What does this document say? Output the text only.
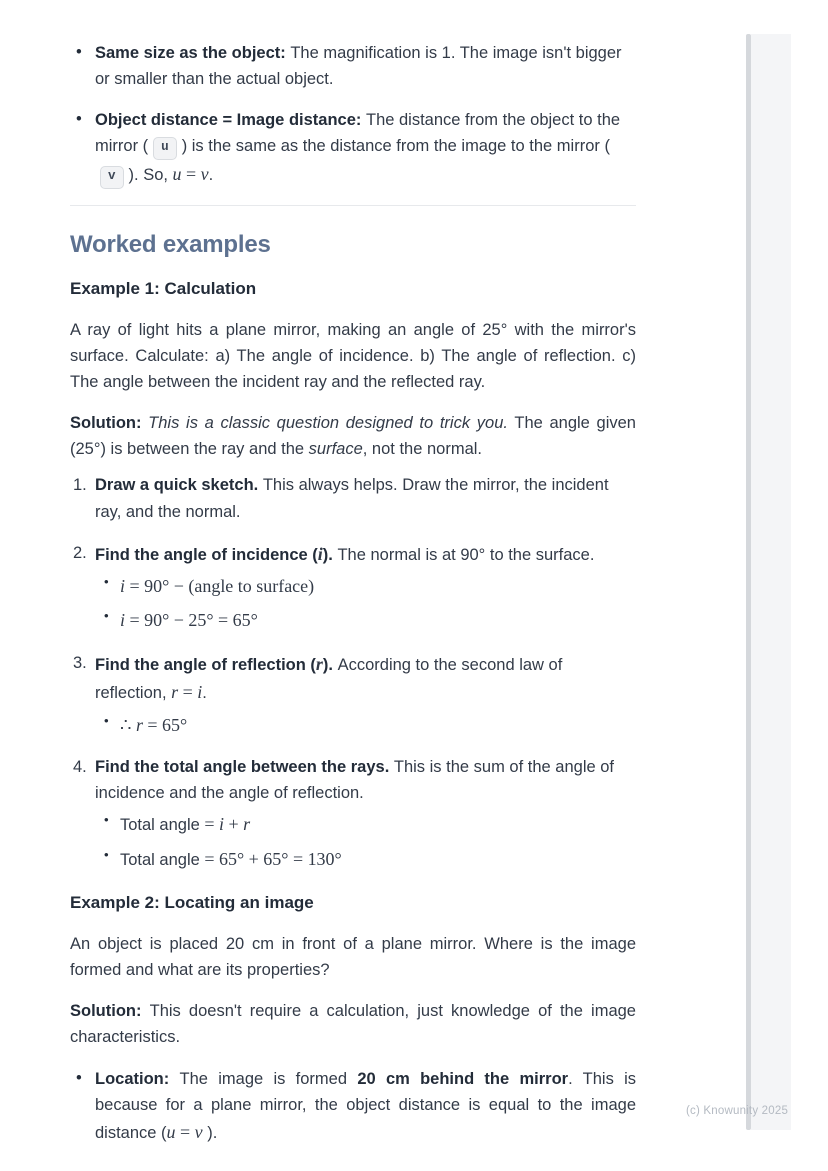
• Same size as the object: The magnification is 1. The image isn't bigger or smaller than the actual object.
• Object distance = Image distance: The distance from the object to the mirror ( u ) is the same as the distance from the image to the mirror (v ). So, u = v.
Worked examples
Example 1: Calculation

A ray of light hits a plane mirror, making an angle of 25° with the mirror's surface. Calculate: a) The angle of incidence. b) The angle of reflection. c) The angle between the incident ray and the reflected ray.

Solution: This is a classic question designed to trick you. The angle given (25°) is between the ray and the surface, not the normal.

1. Draw a quick sketch. This always helps. Draw the mirror, the incident ray, and the normal.
2. Find the angle of incidence (i). The normal is at 90° to the surface.
• i = 90° − (angle to surface)
• i = 90° − 25° = 65°
3. Find the angle of reflection (r). According to the second law of reflection, r = i.
• ∴ r = 65°
4. Find the total angle between the rays. This is the sum of the angle of incidence and the angle of reflection.
• Total angle = i + r
• Total angle = 65° + 65° = 130°
Example 2: Locating an image

An object is placed 20 cm in front of a plane mirror. Where is the image formed and what are its properties?

Solution: This doesn't require a calculation, just knowledge of the image characteristics.

• Location: The image is formed 20 cm behind the mirror. This is because for a plane mirror, the object distance is equal to the image distance (u = v ).
(c) Knowunity 2025
